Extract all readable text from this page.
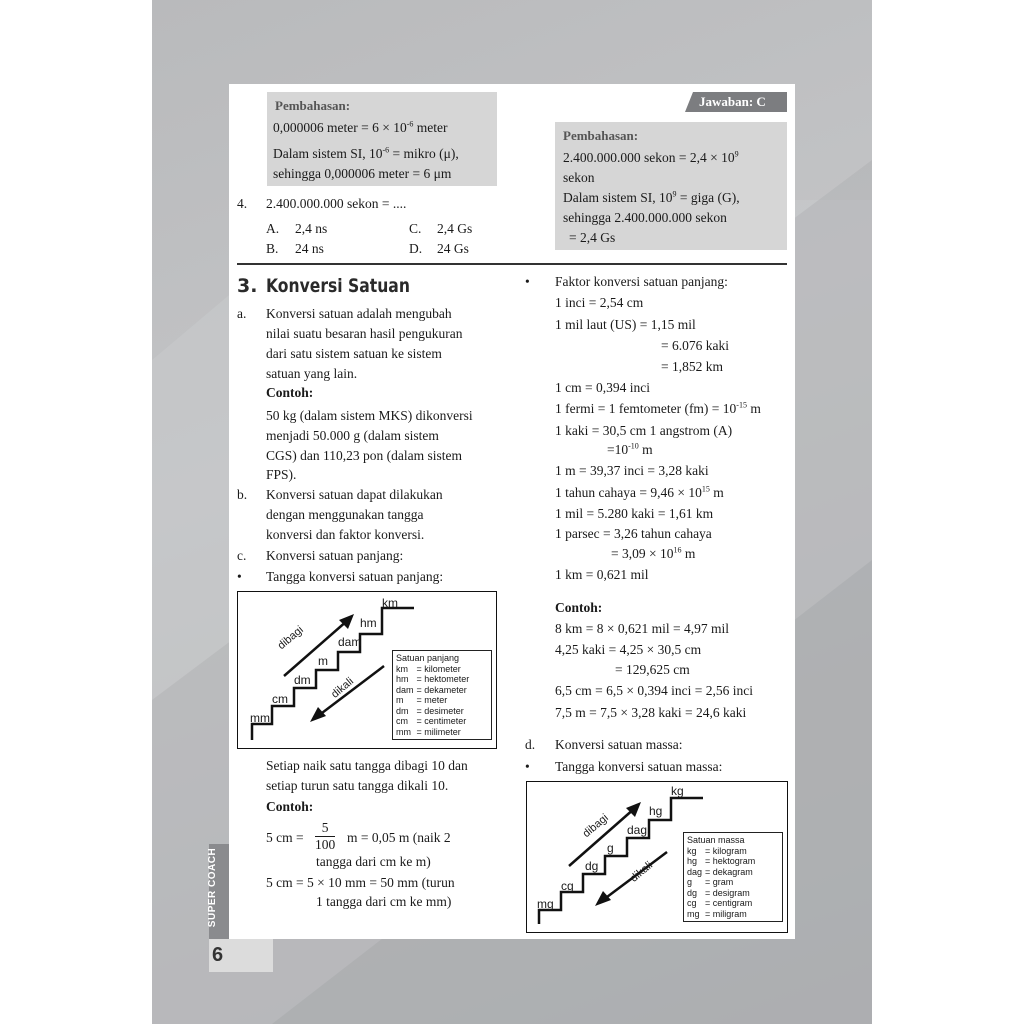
SUPER COACH
6
Pembahasan:
0,000006 meter = $6 \times 10^{-6}$ meter
Dalam sistem SI, $10^{-6}$ = mikro (μ),
sehingga 0,000006 meter = 6 μm
4. 2.400.000.000 sekon = ....
A. 2,4 ns	C. 2,4 Gs
B. 24 ns	D. 24 Gs
Jawaban: C
Pembahasan:
2.400.000.000 sekon = $2,4 \times 10^9$
sekon
Dalam sistem SI, $10^9$ = giga (G),
sehingga 2.400.000.000 sekon
= 2,4 Gs
3. Konversi Satuan
a. Konversi satuan adalah mengubah
nilai suatu besaran hasil pengukuran
dari satu sistem satuan ke sistem
satuan yang lain.
Contoh:
50 kg (dalam sistem MKS) dikonversi
menjadi 50.000 g (dalam sistem
CGS) dan 110,23 pon (dalam sistem
FPS).
b. Konversi satuan dapat dilakukan
dengan menggunakan tangga
konversi dan faktor konversi.
c. Konversi satuan panjang:
• Tangga konversi satuan panjang:
mm
cm
dm
m
dam
hm
km
dibagi
dikali
Satuan panjang
km	= kilometer
hm	= hektometer
dam	= dekameter
m	= meter
dm	= desimeter
cm	= centimeter
mm	= milimeter
Setiap naik satu tangga dibagi 10 dan
setiap turun satu tangga dikali 10.
Contoh:
5 cm = $\frac{5}{100}$ m = 0,05 m (naik 2
tangga dari cm ke m)
5 cm = 5 × 10 mm = 50 mm (turun
1 tangga dari cm ke mm)
• Faktor konversi satuan panjang:
1 inci = 2,54 cm
1 mil laut (US) = 1,15 mil
= 6.076 kaki
= 1,852 km
1 cm = 0,394 inci
1 fermi = 1 femtometer $(fm) = 10^{-15}$ m
1 kaki = 30,5 cm 1 angstrom (A)
$=10^{-10}$ m
1 m = 39,37 inci = 3,28 kaki
1 tahun cahaya = $9,46 \times 10^{15}$ m
1 mil = 5.280 kaki = 1,61 km
1 parsec = 3,26 tahun cahaya
= $3,09 \times 10^{16}$ m
1 km = 0,621 mil
Contoh:
8 km = 8 × 0,621 mil = 4,97 mil
4,25 kaki = 4,25 × 30,5 cm
= 129,625 cm
6,5 cm = 6,5 × 0,394 inci = 2,56 inci
7,5 m = 7,5 × 3,28 kaki = 24,6 kaki
d. Konversi satuan massa:
• Tangga konversi satuan massa:
mg
cg
dg
g
dag
hg
kg
dibagi
dikali
Satuan massa
kg	= kilogram
hg	= hektogram
dag	= dekagram
g	= gram
dg	= desigram
cg	= centigram
mg	= miligram
